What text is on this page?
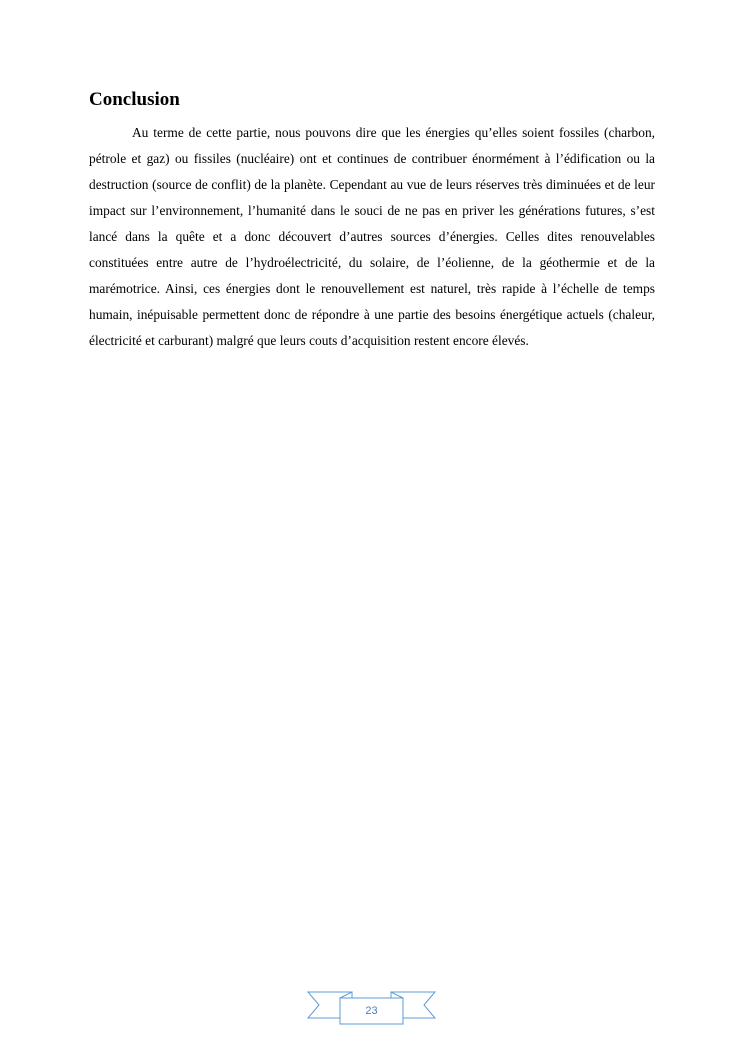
Conclusion

Au terme de cette partie, nous pouvons dire que les énergies qu’elles soient fossiles (charbon, pétrole et gaz) ou fissiles (nucléaire) ont et continues de contribuer énormément à l’édification ou la destruction (source de conflit) de la planète. Cependant au vue de leurs réserves très diminuées et de leur impact sur l’environnement, l’humanité dans le souci de ne pas en priver les générations futures, s’est lancé dans la quête et a donc découvert d’autres sources d’énergies. Celles dites renouvelables constituées entre autre de l’hydroélectricité, du solaire, de l’éolienne, de la géothermie et de la marémotrice. Ainsi, ces énergies dont le renouvellement est naturel, très rapide à l’échelle de temps humain, inépuisable permettent donc de répondre à une partie des besoins énergétique actuels (chaleur, électricité et carburant) malgré que leurs couts d’acquisition restent encore élevés.

23
